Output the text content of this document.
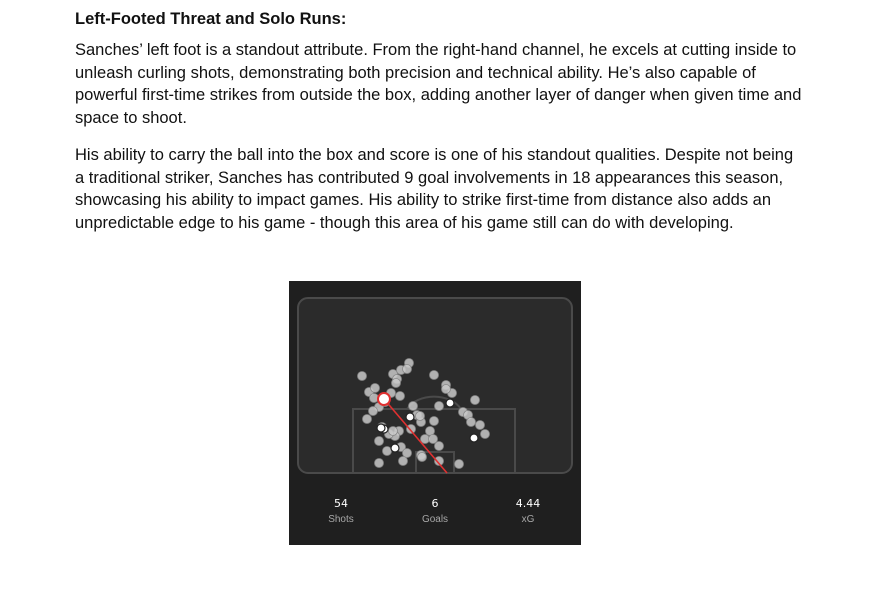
Left-Footed Threat and Solo Runs:

Sanches’ left foot is a standout attribute. From the right-hand channel, he excels at cutting inside to unleash curling shots, demonstrating both precision and technical ability. He’s also capable of powerful first-time strikes from outside the box, adding another layer of danger when given time and space to shoot.

His ability to carry the ball into the box and score is one of his standout qualities. Despite not being a traditional striker, Sanches has contributed 9 goal involvements in 18 appearances this season, showcasing his ability to impact games. His ability to strike first-time from distance also adds an unpredictable edge to his game - though this area of his game still can do with developing.

54
Shots
6
Goals
4.44
xG
